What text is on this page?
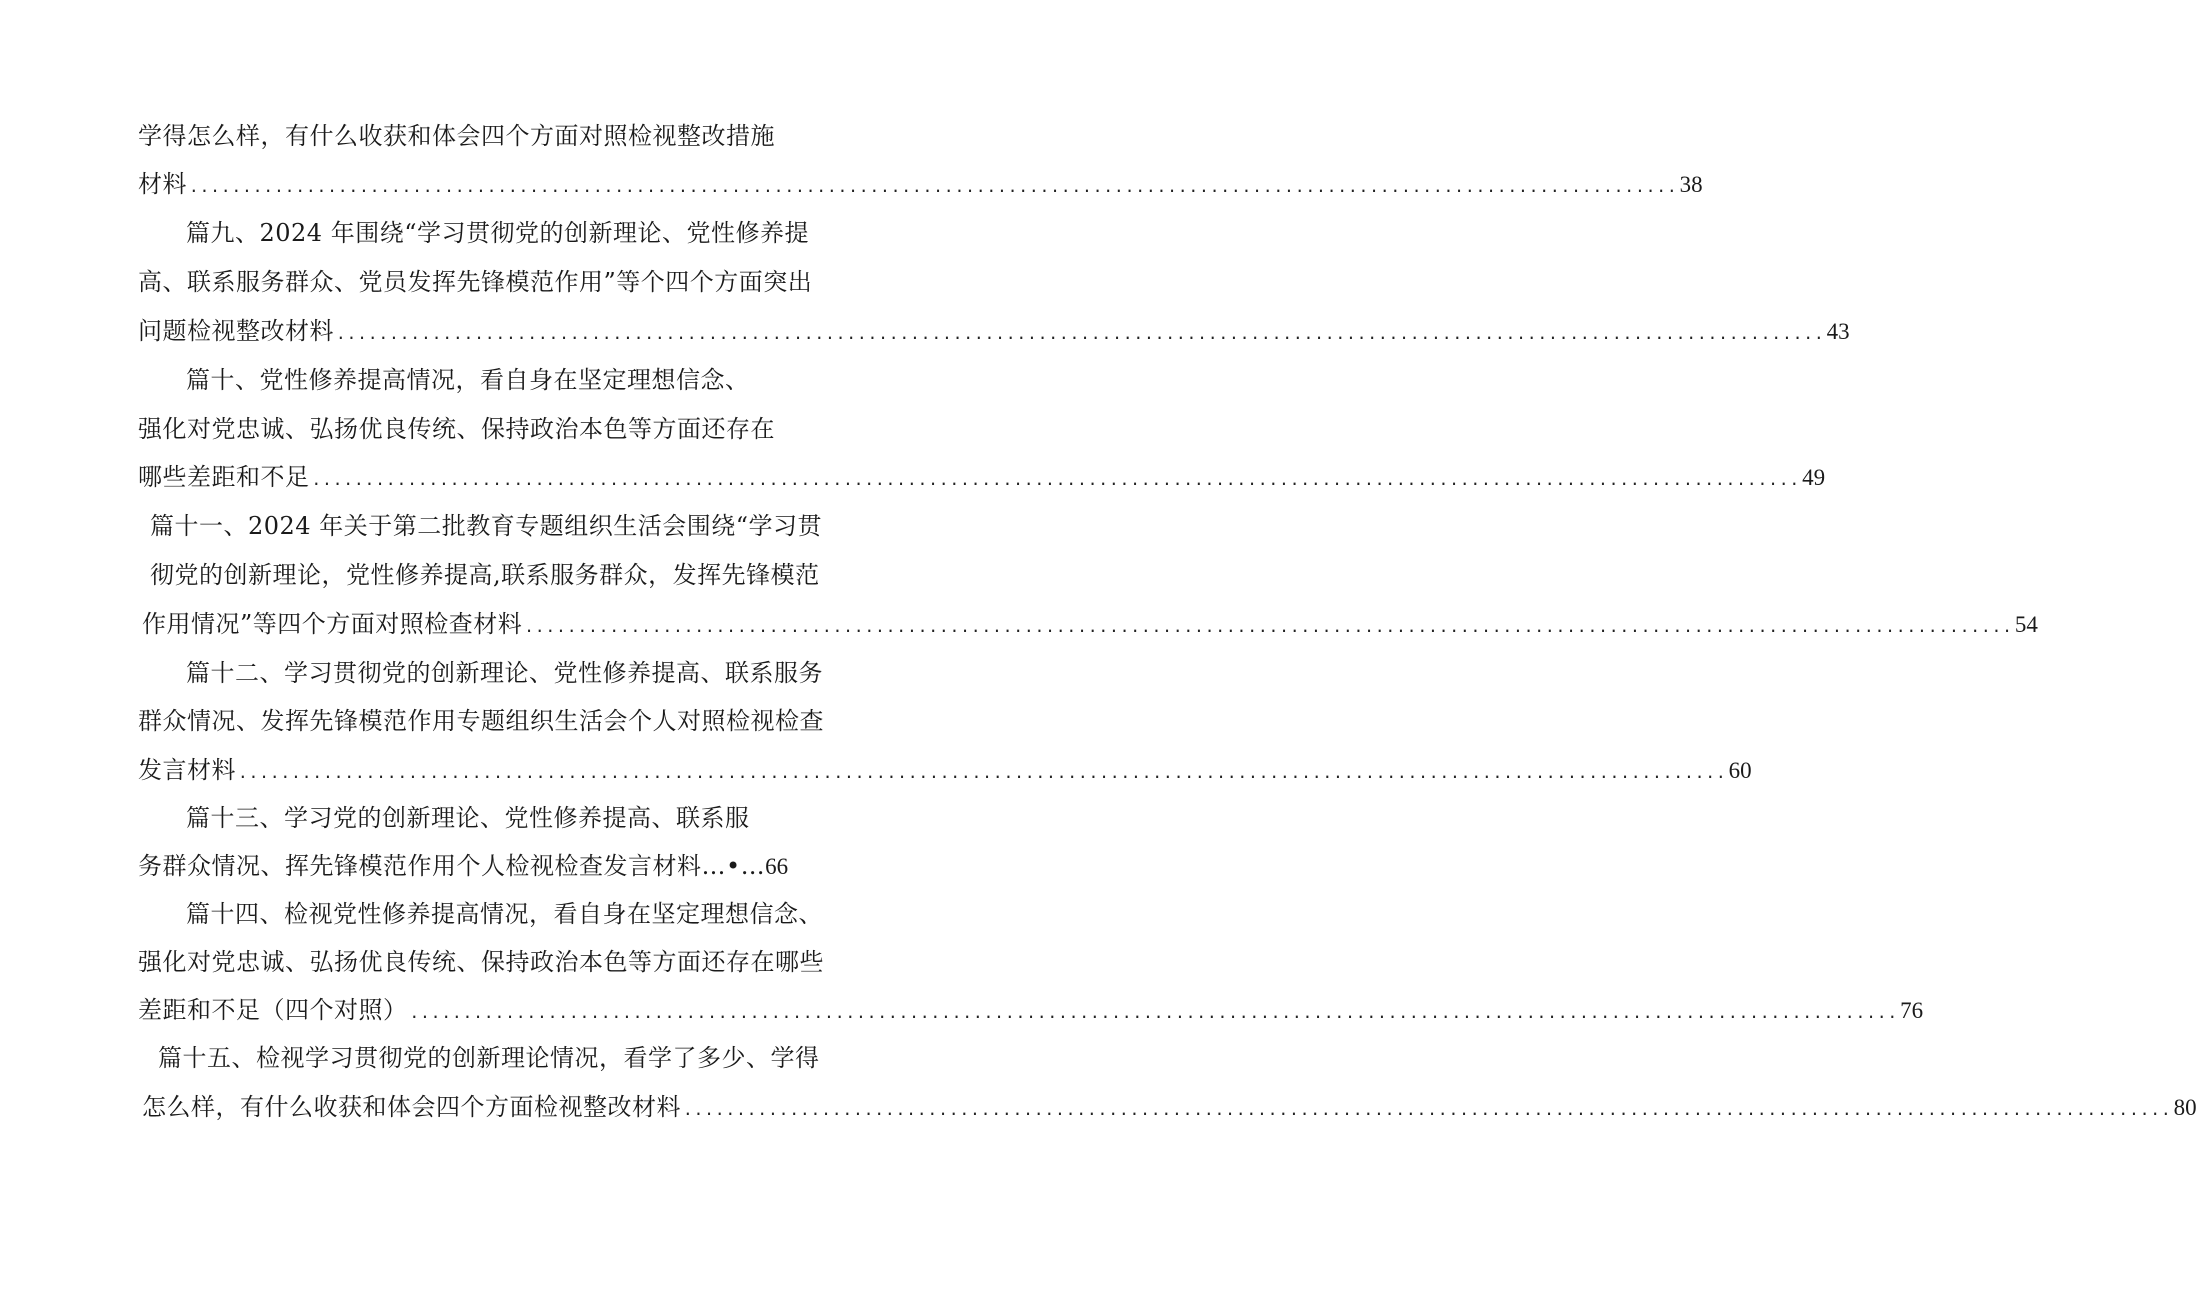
学得怎么样，有什么收获和体会四个方面对照检视整改措施
材料 ............................................................................................................................................ 38
篇九、2024 年围绕“学习贯彻党的创新理论、党性修养提
高、联系服务群众、党员发挥先锋模范作用”等个四个方面突出
问题检视整改材料 ............................................................................................................................................ 43
篇十、党性修养提高情况，看自身在坚定理想信念、
强化对党忠诚、弘扬优良传统、保持政治本色等方面还存在
哪些差距和不足 ............................................................................................................................................ 49
篇十一、2024 年关于第二批教育专题组织生活会围绕“学习贯
彻党的创新理论，党性修养提高,联系服务群众，发挥先锋模范
作用情况”等四个方面对照检查材料 ............................................................................................................................................ 54
篇十二、学习贯彻党的创新理论、党性修养提高、联系服务
群众情况、发挥先锋模范作用专题组织生活会个人对照检视检查
发言材料 ............................................................................................................................................ 60
篇十三、学习党的创新理论、党性修养提高、联系服
务群众情况、挥先锋模范作用个人检视检查发言材料…•… 66
篇十四、检视党性修养提高情况，看自身在坚定理想信念、
强化对党忠诚、弘扬优良传统、保持政治本色等方面还存在哪些
差距和不足（四个对照） ............................................................................................................................................ 76
篇十五、检视学习贯彻党的创新理论情况，看学了多少、学得
怎么样，有什么收获和体会四个方面检视整改材料 ............................................................................................................................................ 80
